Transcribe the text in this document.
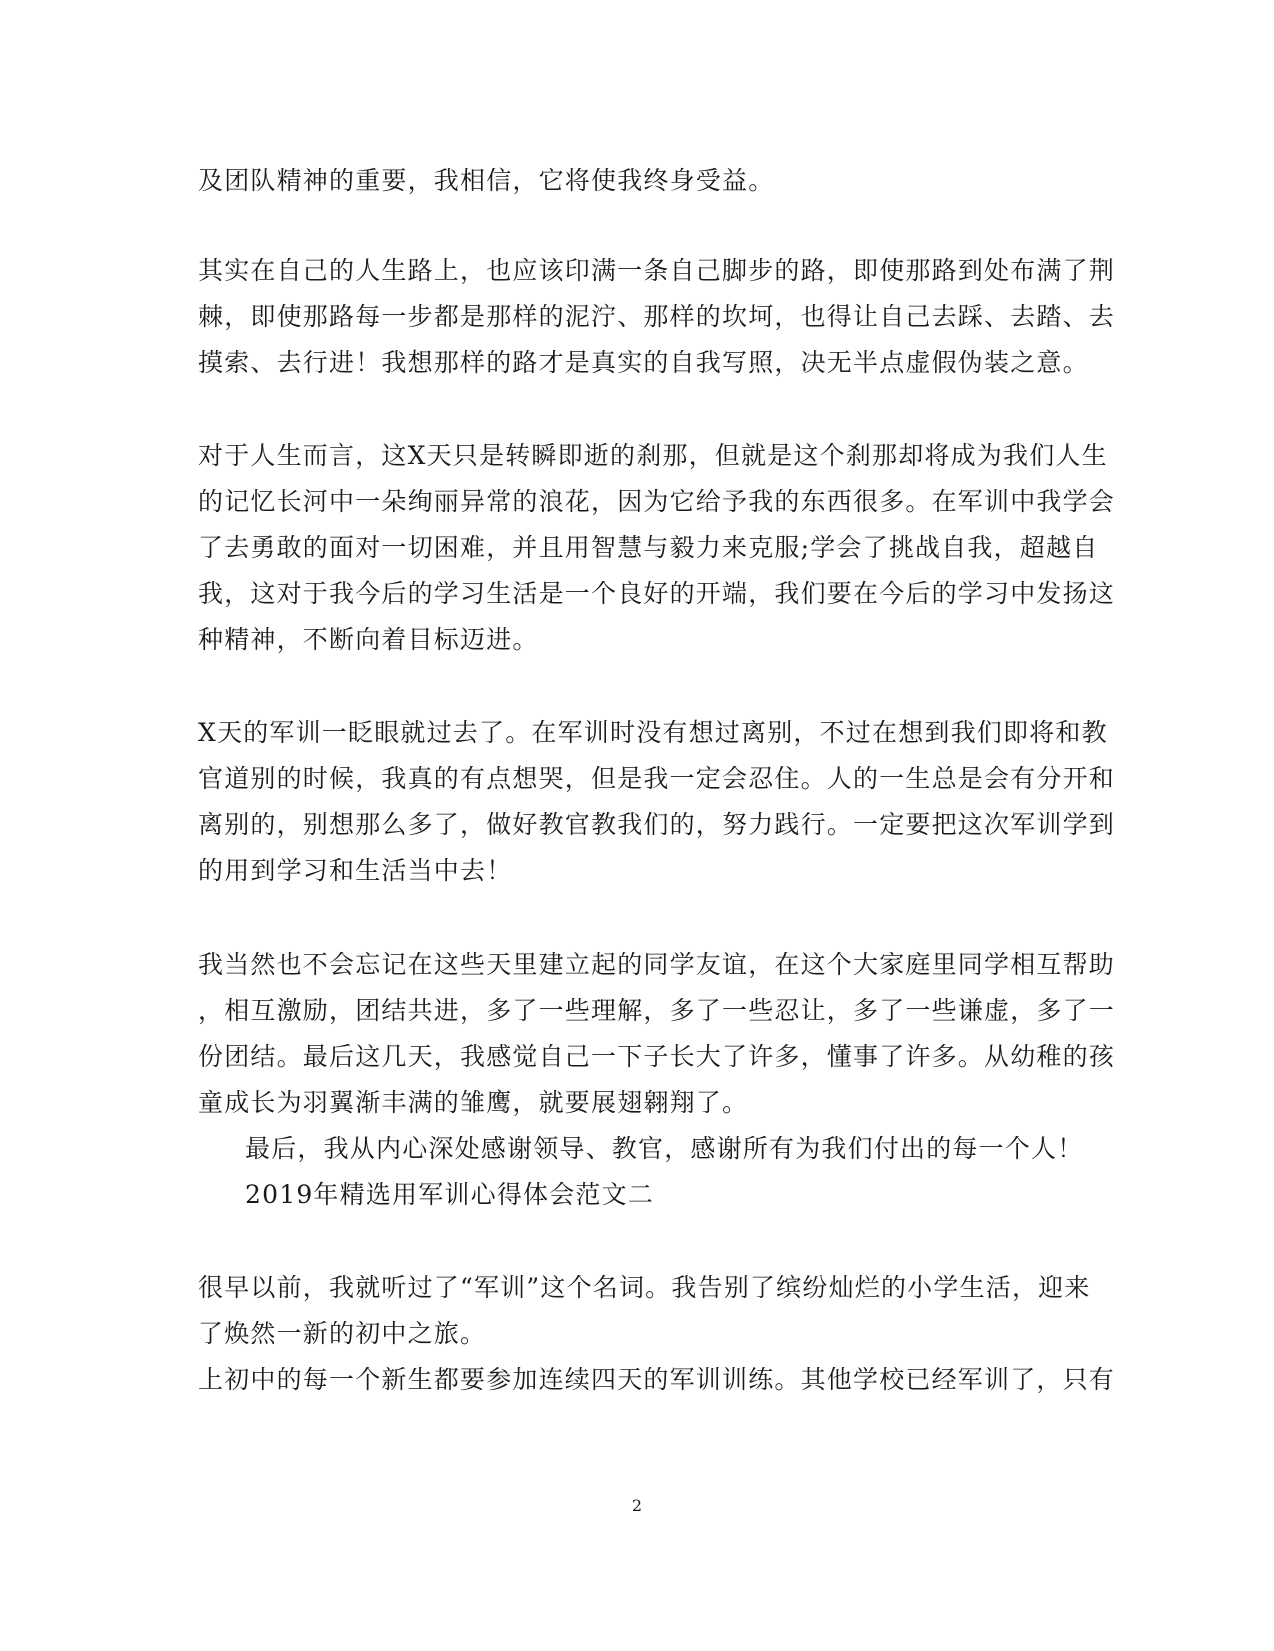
及团队精神的重要，我相信，它将使我终身受益。
其实在自己的人生路上，也应该印满一条自己脚步的路，即使那路到处布满了荆
棘，即使那路每一步都是那样的泥泞、那样的坎坷，也得让自己去踩、去踏、去
摸索、去行进！我想那样的路才是真实的自我写照，决无半点虚假伪装之意。
对于人生而言，这X天只是转瞬即逝的刹那，但就是这个刹那却将成为我们人生
的记忆长河中一朵绚丽异常的浪花，因为它给予我的东西很多。在军训中我学会
了去勇敢的面对一切困难，并且用智慧与毅力来克服;学会了挑战自我，超越自
我，这对于我今后的学习生活是一个良好的开端，我们要在今后的学习中发扬这
种精神，不断向着目标迈进。
X天的军训一眨眼就过去了。在军训时没有想过离别，不过在想到我们即将和教
官道别的时候，我真的有点想哭，但是我一定会忍住。人的一生总是会有分开和
离别的，别想那么多了，做好教官教我们的，努力践行。一定要把这次军训学到
的用到学习和生活当中去！
我当然也不会忘记在这些天里建立起的同学友谊，在这个大家庭里同学相互帮助
，相互激励，团结共进，多了一些理解，多了一些忍让，多了一些谦虚，多了一
份团结。最后这几天，我感觉自己一下子长大了许多，懂事了许多。从幼稚的孩
童成长为羽翼渐丰满的雏鹰，就要展翅翱翔了。
最后，我从内心深处感谢领导、教官，感谢所有为我们付出的每一个人！
2019年精选用军训心得体会范文二
很早以前，我就听过了“军训”这个名词。我告别了缤纷灿烂的小学生活，迎来
了焕然一新的初中之旅。
上初中的每一个新生都要参加连续四天的军训训练。其他学校已经军训了，只有
2
